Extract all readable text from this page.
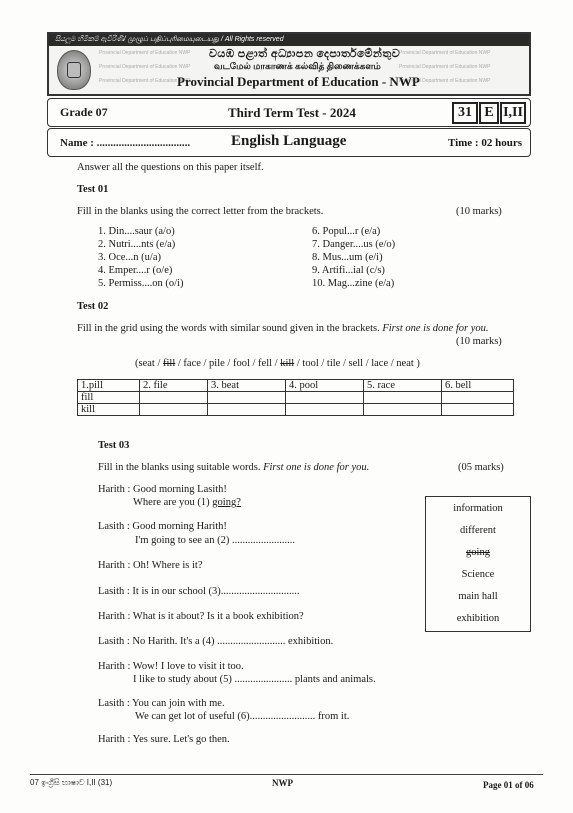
සියලුම හිමිකම් ඇවිරිණි/ முழுப் பதிப்புரிமையுடையது / All Rights reserved
Provincial Department of Education NWP	Provincial Department of Education NWP
Provincial Department of Education NWP	Provincial Department of Education NWP
Provincial Department of Education NWP	Provincial Department of Education NWP
වයඹ පළාත් අධ්‍යාපන දෙපාර්තමේන්තුව
வடமேல் மாகாணக் கல்வித் திணைக்களம்
Provincial Department of Education - NWP
Grade 07	Third Term Test - 2024	31 E I,II
Name : ..................................	English Language	Time : 02 hours
Answer all the questions on this paper itself.
Test 01
Fill in the blanks using the correct letter from the brackets.	(10 marks)
1. Din....saur (a/o)
2. Nutri....nts (e/a)
3. Oce...n (u/a)
4. Emper....r (o/e)
5. Permiss....on (o/i)
6. Popul...r (e/a)
7. Danger....us (e/o)
8. Mus...um (e/i)
9. Artifi...ial (c/s)
10. Mag...zine (e/a)
Test 02
Fill in the grid using the words with similar sound given in the brackets. First one is done for you.
(10 marks)
(seat / fill / face / pile / fool / fell / kill / tool / tile / sell / lace / neat )
1.pill	2. file	3. beat	4. pool	5. race	6. bell
fill					
kill					
Test 03
Fill in the blanks using suitable words. First one is done for you.	(05 marks)
Harith : Good morning Lasith!
Where are you (1) going?
Lasith : Good morning Harith!
I'm going to see an (2) ........................
Harith : Oh! Where is it?
Lasith : It is in our school (3)..............................
Harith : What is it about? Is it a book exhibition?
Lasith : No Harith. It's a (4) .......................... exhibition.
Harith : Wow! I love to visit it too.
I like to study about (5) ...................... plants and animals.
Lasith : You can join with me.
We can get lot of useful (6)......................... from it.
Harith : Yes sure. Let's go then.
information
different
going
Science
main hall
exhibition
07 ඉංග්‍රීසි භාෂාව I,II (31)	NWP	Page 01 of 06
